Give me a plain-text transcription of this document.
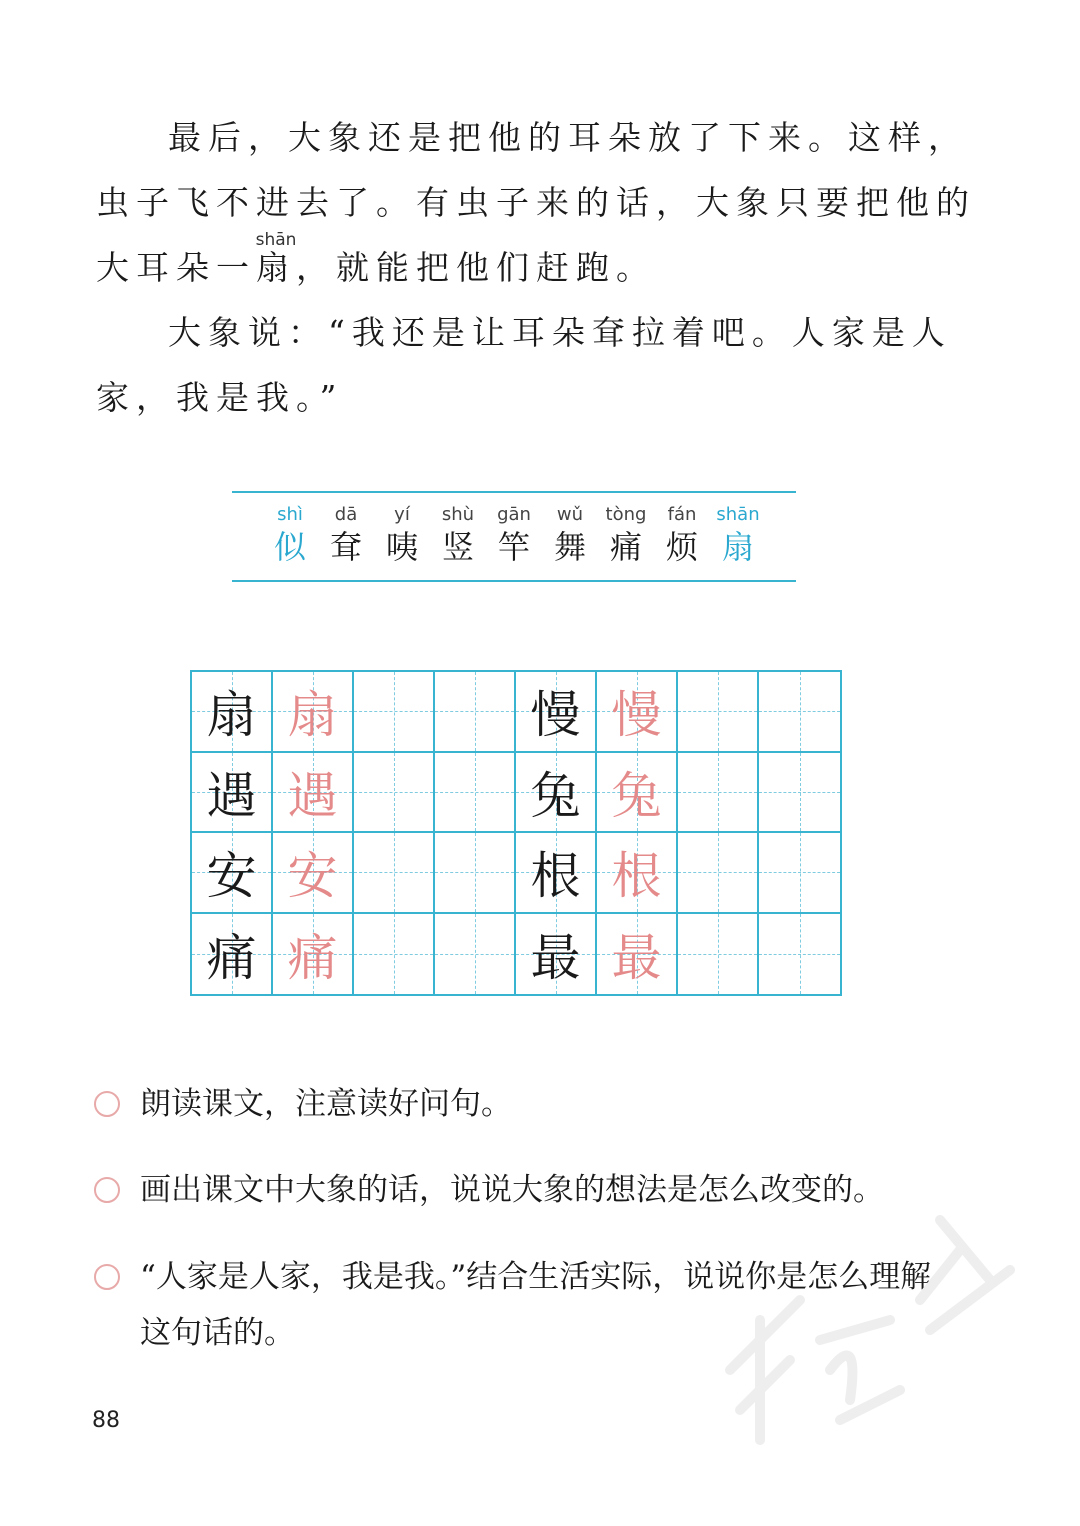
最后，大象还是把他的耳朵放了下来。这样，
虫子飞不进去了。有虫子来的话，大象只要把他的
大耳朵一
shān
扇，就能把他们赶跑。
大象说：“我还是让耳朵耷拉着吧。人家是人
家，我是我。”
shì
似
dā
耷
yí
咦
shù
竖
gān
竿
wǔ
舞
tòng
痛
fán
烦
shān
扇
扇 扇	慢 慢
遇 遇	兔 兔
安 安	根 根
痛 痛	最 最
朗读课文，注意读好问句。
画出课文中大象的话，说说大象的想法是怎么改变的。
“人家是人家，我是我。”结合生活实际，说说你是怎么理解这句话的。
88
